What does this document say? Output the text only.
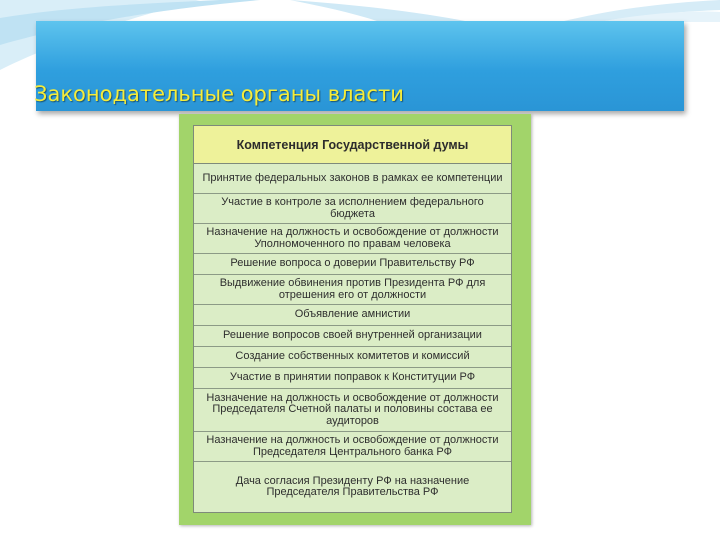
Законодательные органы власти
Компетенция Государственной думы
Принятие федеральных законов в рамках ее компетенции
Участие в контроле за исполнением федерального бюджета
Назначение на должность и освобождение от должности Уполномоченного по правам человека
Решение вопроса о доверии Правительству РФ
Выдвижение обвинения против Президента РФ для отрешения его от должности
Объявление амнистии
Решение вопросов своей внутренней организации
Создание собственных комитетов и комиссий
Участие в принятии поправок к Конституции РФ
Назначение на должность и освобождение от должности Председателя Счетной палаты и половины состава ее аудиторов
Назначение на должность и освобождение от должности Председателя Центрального банка РФ
Дача согласия Президенту РФ на назначение Председателя Правительства РФ
